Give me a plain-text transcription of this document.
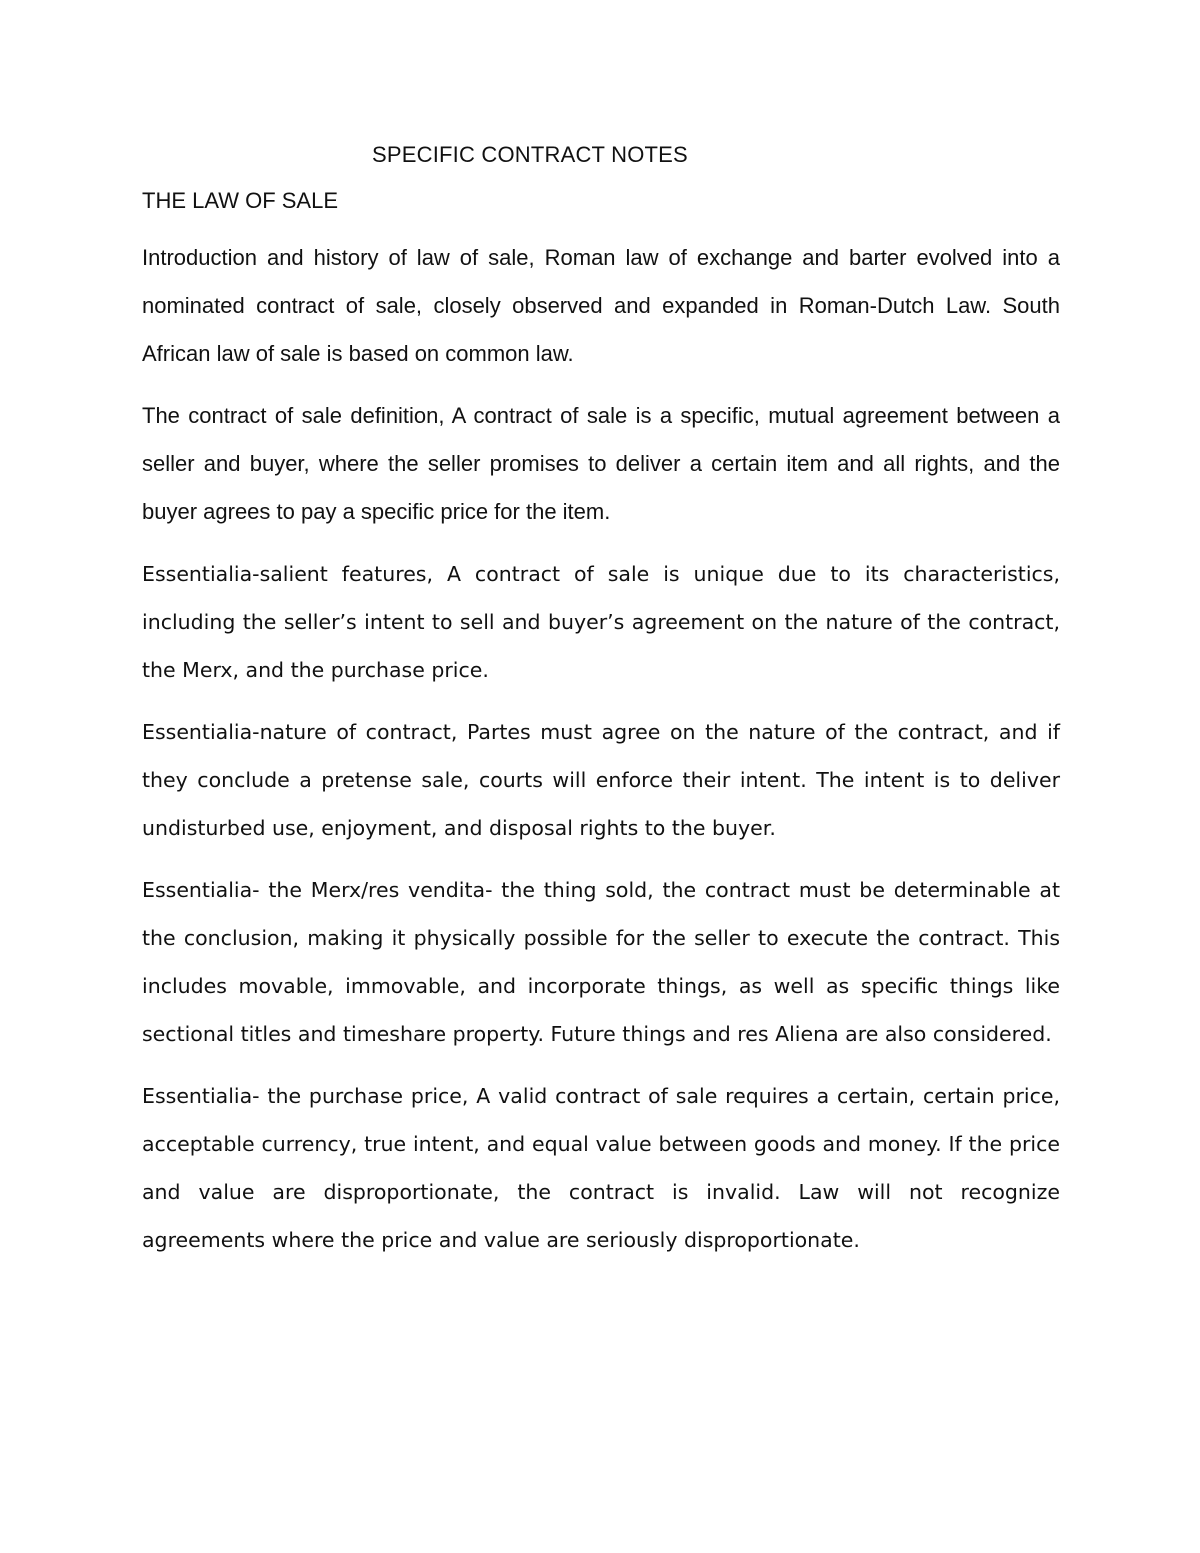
SPECIFIC CONTRACT NOTES
THE LAW OF SALE

Introduction and history of law of sale, Roman law of exchange and barter evolved into a nominated contract of sale, closely observed and expanded in Roman-Dutch Law. South African law of sale is based on common law.

The contract of sale definition, A contract of sale is a specific, mutual agreement between a seller and buyer, where the seller promises to deliver a certain item and all rights, and the buyer agrees to pay a specific price for the item.

Essentialia-salient features, A contract of sale is unique due to its characteristics, including the seller’s intent to sell and buyer’s agreement on the nature of the contract, the Merx, and the purchase price.

Essentialia-nature of contract, Partes must agree on the nature of the contract, and if they conclude a pretense sale, courts will enforce their intent. The intent is to deliver undisturbed use, enjoyment, and disposal rights to the buyer.

Essentialia- the Merx/res vendita- the thing sold, the contract must be determinable at the conclusion, making it physically possible for the seller to execute the contract. This includes movable, immovable, and incorporate things, as well as specific things like sectional titles and timeshare property. Future things and res Aliena are also considered.

Essentialia- the purchase price, A valid contract of sale requires a certain, certain price, acceptable currency, true intent, and equal value between goods and money. If the price and value are disproportionate, the contract is invalid. Law will not recognize agreements where the price and value are seriously disproportionate.
